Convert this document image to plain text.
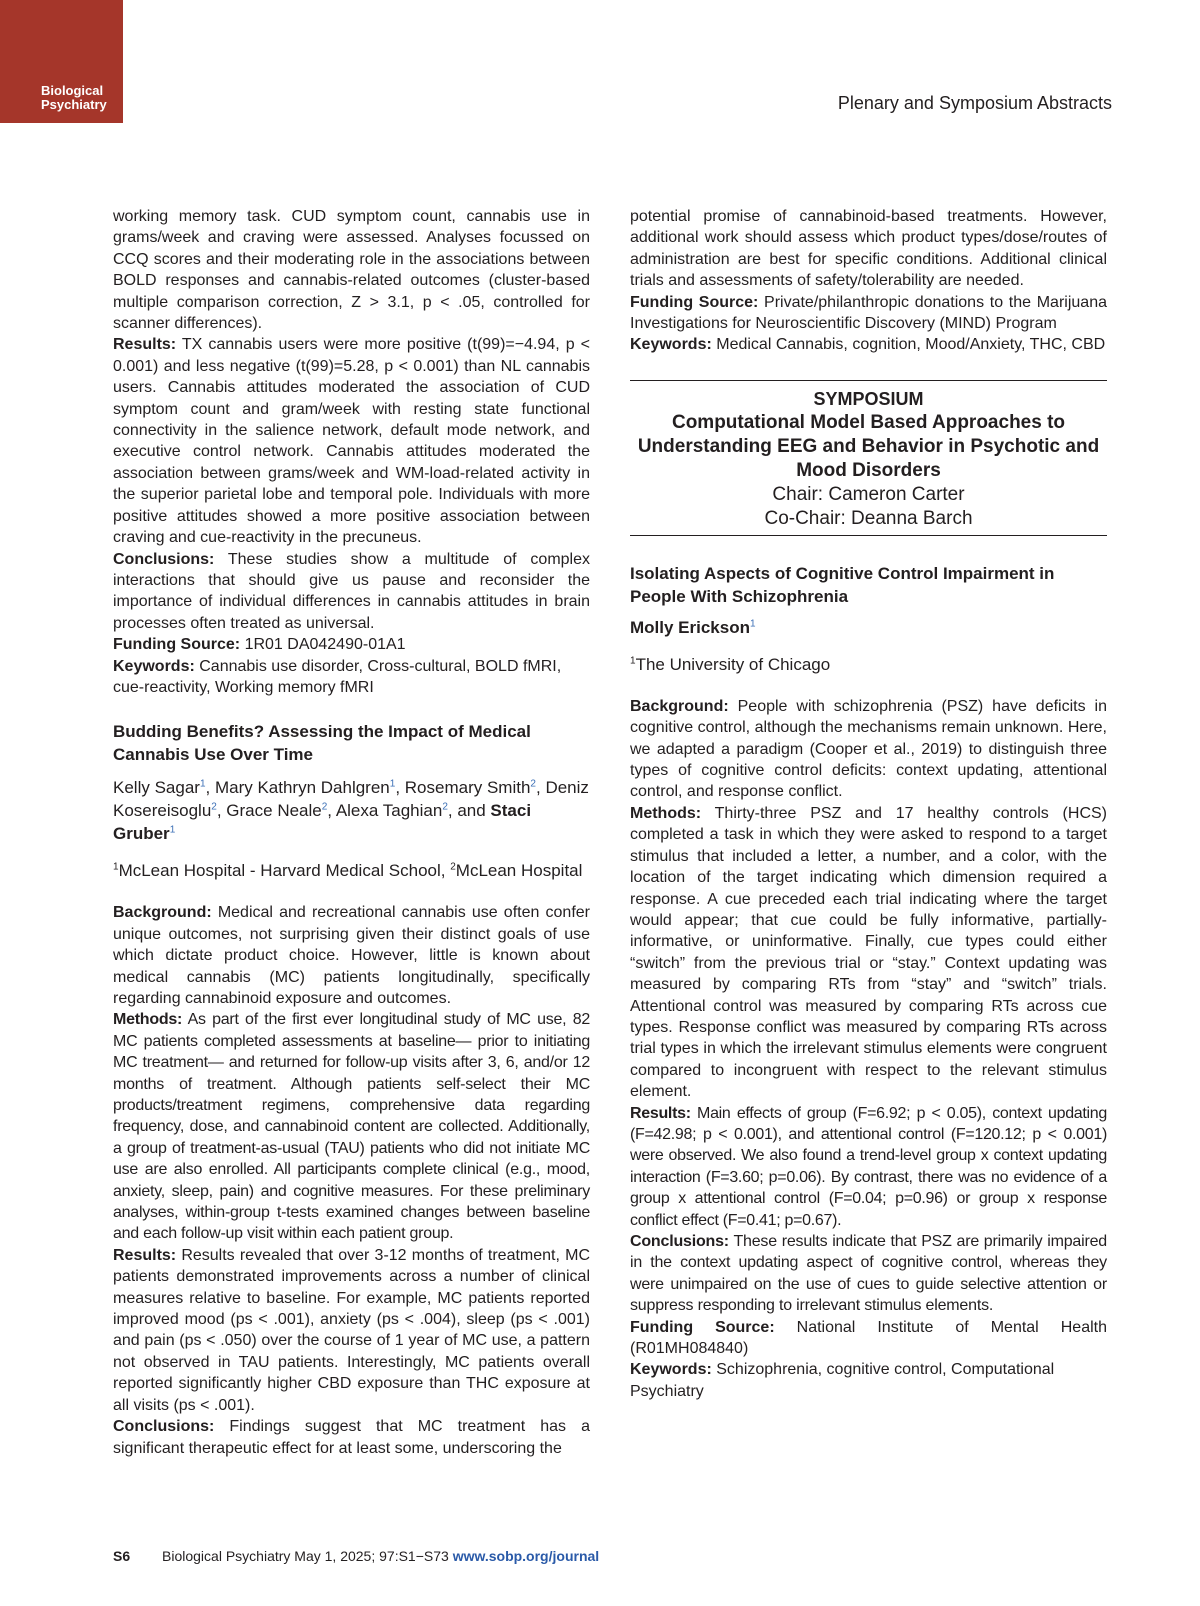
Biological
Psychiatry	Plenary and Symposium Abstracts

working memory task. CUD symptom count, cannabis use in grams/week and craving were assessed. Analyses focussed on CCQ scores and their moderating role in the associations between BOLD responses and cannabis-related outcomes (cluster-based multiple comparison correction, Z > 3.1, p < .05, controlled for scanner differences).

Results: TX cannabis users were more positive (t(99)=−4.94, p < 0.001) and less negative (t(99)=5.28, p < 0.001) than NL cannabis users. Cannabis attitudes moderated the association of CUD symptom count and gram/week with resting state functional connectivity in the salience network, default mode network, and executive control network. Cannabis attitudes moderated the association between grams/week and WM-load-related activity in the superior parietal lobe and temporal pole. Individuals with more positive attitudes showed a more positive association between craving and cue-reactivity in the precuneus.

Conclusions: These studies show a multitude of complex interactions that should give us pause and reconsider the importance of individual differences in cannabis attitudes in brain processes often treated as universal.

Funding Source: 1R01 DA042490-01A1

Keywords: Cannabis use disorder, Cross-cultural, BOLD fMRI, cue-reactivity, Working memory fMRI

Budding Benefits? Assessing the Impact of Medical Cannabis Use Over Time

Kelly Sagar$^1$, Mary Kathryn Dahlgren$^1$, Rosemary Smith$^2$, Deniz Kosereisoglu$^2$, Grace Neale$^2$, Alexa Taghian$^2$, and Staci Gruber$^1$

$^1$McLean Hospital - Harvard Medical School, $^2$McLean Hospital

Background: Medical and recreational cannabis use often confer unique outcomes, not surprising given their distinct goals of use which dictate product choice. However, little is known about medical cannabis (MC) patients longitudinally, specifically regarding cannabinoid exposure and outcomes.

Methods: As part of the first ever longitudinal study of MC use, 82 MC patients completed assessments at baseline— prior to initiating MC treatment— and returned for follow-up visits after 3, 6, and/or 12 months of treatment. Although patients self-select their MC products/treatment regimens, comprehensive data regarding frequency, dose, and cannabinoid content are collected. Additionally, a group of treatment-as-usual (TAU) patients who did not initiate MC use are also enrolled. All participants complete clinical (e.g., mood, anxiety, sleep, pain) and cognitive measures. For these preliminary analyses, within-group t-tests examined changes between baseline and each follow-up visit within each patient group.

Results: Results revealed that over 3-12 months of treatment, MC patients demonstrated improvements across a number of clinical measures relative to baseline. For example, MC patients reported improved mood (ps < .001), anxiety (ps < .004), sleep (ps < .001) and pain (ps < .050) over the course of 1 year of MC use, a pattern not observed in TAU patients. Interestingly, MC patients overall reported significantly higher CBD exposure than THC exposure at all visits (ps < .001).

Conclusions: Findings suggest that MC treatment has a significant therapeutic effect for at least some, underscoring the

potential promise of cannabinoid-based treatments. However, additional work should assess which product types/dose/routes of administration are best for specific conditions. Additional clinical trials and assessments of safety/tolerability are needed.

Funding Source: Private/philanthropic donations to the Marijuana Investigations for Neuroscientific Discovery (MIND) Program

Keywords: Medical Cannabis, cognition, Mood/Anxiety, THC, CBD

SYMPOSIUM
Computational Model Based Approaches to Understanding EEG and Behavior in Psychotic and Mood Disorders
Chair: Cameron Carter
Co-Chair: Deanna Barch

Isolating Aspects of Cognitive Control Impairment in People With Schizophrenia

Molly Erickson$^1$

$^1$The University of Chicago

Background: People with schizophrenia (PSZ) have deficits in cognitive control, although the mechanisms remain unknown. Here, we adapted a paradigm (Cooper et al., 2019) to distinguish three types of cognitive control deficits: context updating, attentional control, and response conflict.

Methods: Thirty-three PSZ and 17 healthy controls (HCS) completed a task in which they were asked to respond to a target stimulus that included a letter, a number, and a color, with the location of the target indicating which dimension required a response. A cue preceded each trial indicating where the target would appear; that cue could be fully informative, partially-informative, or uninformative. Finally, cue types could either “switch” from the previous trial or “stay.” Context updating was measured by comparing RTs from “stay” and “switch” trials. Attentional control was measured by comparing RTs across cue types. Response conflict was measured by comparing RTs across trial types in which the irrelevant stimulus elements were congruent compared to incongruent with respect to the relevant stimulus element.

Results: Main effects of group (F=6.92; p < 0.05), context updating (F=42.98; p < 0.001), and attentional control (F=120.12; p < 0.001) were observed. We also found a trend-level group x context updating interaction (F=3.60; p=0.06). By contrast, there was no evidence of a group x attentional control (F=0.04; p=0.96) or group x response conflict effect (F=0.41; p=0.67).

Conclusions: These results indicate that PSZ are primarily impaired in the context updating aspect of cognitive control, whereas they were unimpaired on the use of cues to guide selective attention or suppress responding to irrelevant stimulus elements.

Funding Source: National Institute of Mental Health (R01MH084840)

Keywords: Schizophrenia, cognitive control, Computational Psychiatry

S6 Biological Psychiatry May 1, 2025; 97:S1−S73 www.sobp.org/journal
